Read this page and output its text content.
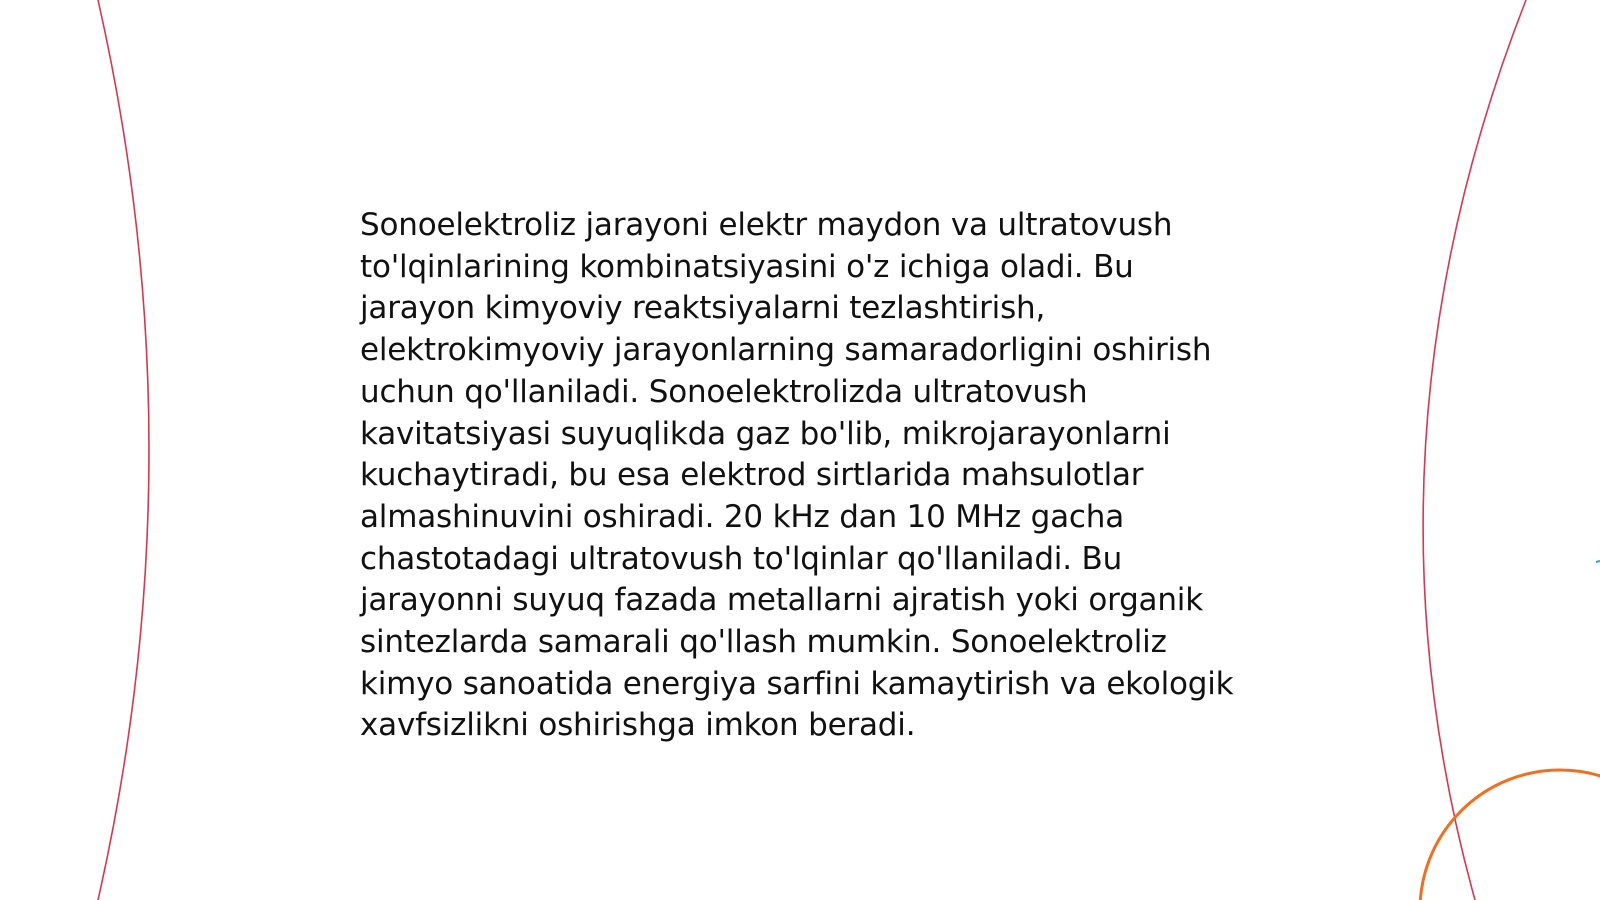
Sonoelektroliz jarayoni elektr maydon va ultratovush to'lqinlarining kombinatsiyasini o'z ichiga oladi. Bu jarayon kimyoviy reaktsiyalarni tezlashtirish, elektrokimyoviy jarayonlarning samaradorligini oshirish uchun qo'llaniladi. Sonoelektrolizda ultratovush kavitatsiyasi suyuqlikda gaz bo'lib, mikrojarayonlarni kuchaytiradi, bu esa elektrod sirtlarida mahsulotlar almashinuvini oshiradi. 20 kHz dan 10 MHz gacha chastotadagi ultratovush to'lqinlar qo'llaniladi. Bu jarayonni suyuq fazada metallarni ajratish yoki organik sintezlarda samarali qo'llash mumkin. Sonoelektroliz kimyo sanoatida energiya sarfini kamaytirish va ekologik xavfsizlikni oshirishga imkon beradi.
